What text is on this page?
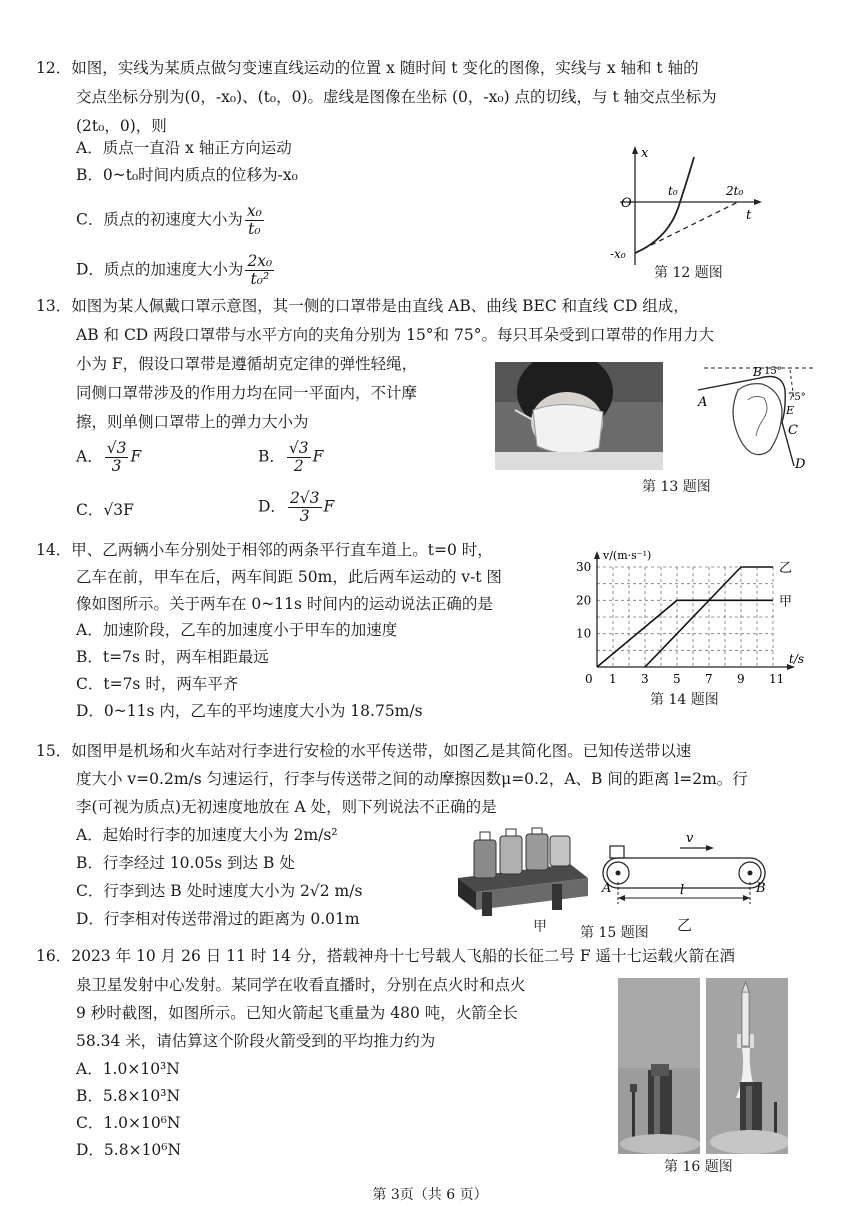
12．如图，实线为某质点做匀变速直线运动的位置 x 随时间 t 变化的图像，实线与 x 轴和 t 轴的
交点坐标分别为(0，-x₀)、(t₀，0)。虚线是图像在坐标 (0，-x₀) 点的切线，与 t 轴交点坐标为
(2t₀，0)，则
A．质点一直沿 x 轴正方向运动
B．0~t₀时间内质点的位移为-x₀
C．质点的初速度大小为 $\frac{\text{x₀}}{\text{t₀}}$
D．质点的加速度大小为 $\frac{\text{2x₀}}{\text{t₀²}}$
x
O
t₀	2t₀
t
-x₀
第 12 题图
13．如图为某人佩戴口罩示意图，其一侧的口罩带是由直线 AB、曲线 BEC 和直线 CD 组成，
AB 和 CD 两段口罩带与水平方向的夹角分别为 15°和 75°。每只耳朵受到口罩带的作用力大
小为 F，假设口罩带是遵循胡克定律的弹性轻绳，
同侧口罩带涉及的作用力均在同一平面内，不计摩
擦，则单侧口罩带上的弹力大小为
A． $\frac{√3}{3}$ F	B． $\frac{√3}{2}$ F
C．√3F	D． $\frac{2√3}{3}$ F
A
B 15°
75°
E
C
D
第 13 题图
14．甲、乙两辆小车分别处于相邻的两条平行直车道上。t=0 时，
乙车在前，甲车在后，两车间距 50m，此后两车运动的 v-t 图
像如图所示。关于两车在 0~11s 时间内的运动说法正确的是
A．加速阶段，乙车的加速度小于甲车的加速度
B．t=7s 时，两车相距最远
C．t=7s 时，两车平齐
D．0~11s 内，乙车的平均速度大小为 18.75m/s
v/(m·s⁻¹)
t/s
甲
乙
0 1 3 5 7 9 11
10
20
30
第 14 题图
15．如图甲是机场和火车站对行李进行安检的水平传送带，如图乙是其简化图。已知传送带以速
度大小 v=0.2m/s 匀速运行，行李与传送带之间的动摩擦因数μ=0.2，A、B 间的距离 l=2m。行
李(可视为质点)无初速度地放在 A 处，则下列说法不正确的是
A．起始时行李的加速度大小为 2m/s²
B．行李经过 10.05s 到达 B 处
C．行李到达 B 处时速度大小为 2√2 m/s
D．行李相对传送带滑过的距离为 0.01m	甲
v
A	B
l
第 15 题图 乙
16．2023 年 10 月 26 日 11 时 14 分，搭载神舟十七号载人飞船的长征二号 F 遥十七运载火箭在酒
泉卫星发射中心发射。某同学在收看直播时，分别在点火时和点火
9 秒时截图，如图所示。已知火箭起飞重量为 480 吨，火箭全长
58.34 米，请估算这个阶段火箭受到的平均推力约为
A．1.0×10³N
B．5.8×10³N
C．1.0×10⁶N
D．5.8×10⁶N
第 16 题图
第 3页（共 6 页）
